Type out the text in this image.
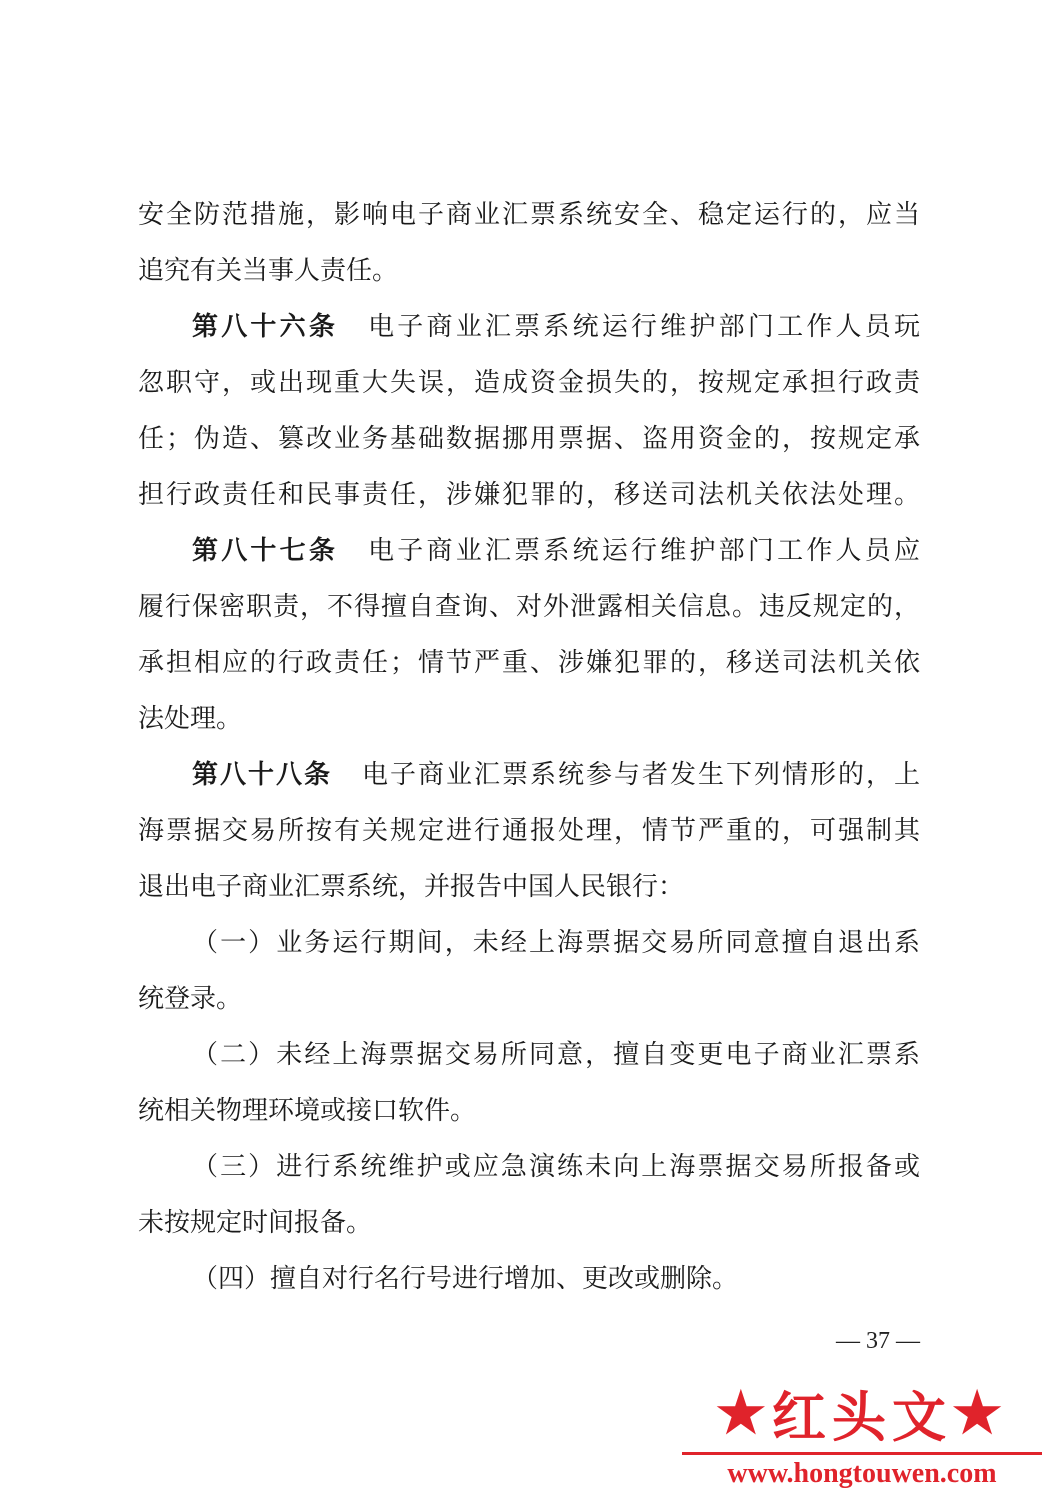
安全防范措施，影响电子商业汇票系统安全、稳定运行的，应当
追究有关当事人责任。
第八十六条 电子商业汇票系统运行维护部门工作人员玩
忽职守，或出现重大失误，造成资金损失的，按规定承担行政责
任；伪造、篡改业务基础数据挪用票据、盗用资金的，按规定承
担行政责任和民事责任，涉嫌犯罪的，移送司法机关依法处理。
第八十七条 电子商业汇票系统运行维护部门工作人员应
履行保密职责，不得擅自查询、对外泄露相关信息。违反规定的，
承担相应的行政责任；情节严重、涉嫌犯罪的，移送司法机关依
法处理。
第八十八条 电子商业汇票系统参与者发生下列情形的，上
海票据交易所按有关规定进行通报处理，情节严重的，可强制其
退出电子商业汇票系统，并报告中国人民银行：
（一）业务运行期间，未经上海票据交易所同意擅自退出系
统登录。
（二）未经上海票据交易所同意，擅自变更电子商业汇票系
统相关物理环境或接口软件。
（三）进行系统维护或应急演练未向上海票据交易所报备或
未按规定时间报备。
（四）擅自对行名行号进行增加、更改或删除。
— 37 —
★ 红头文 ★
www.hongtouwen.com
